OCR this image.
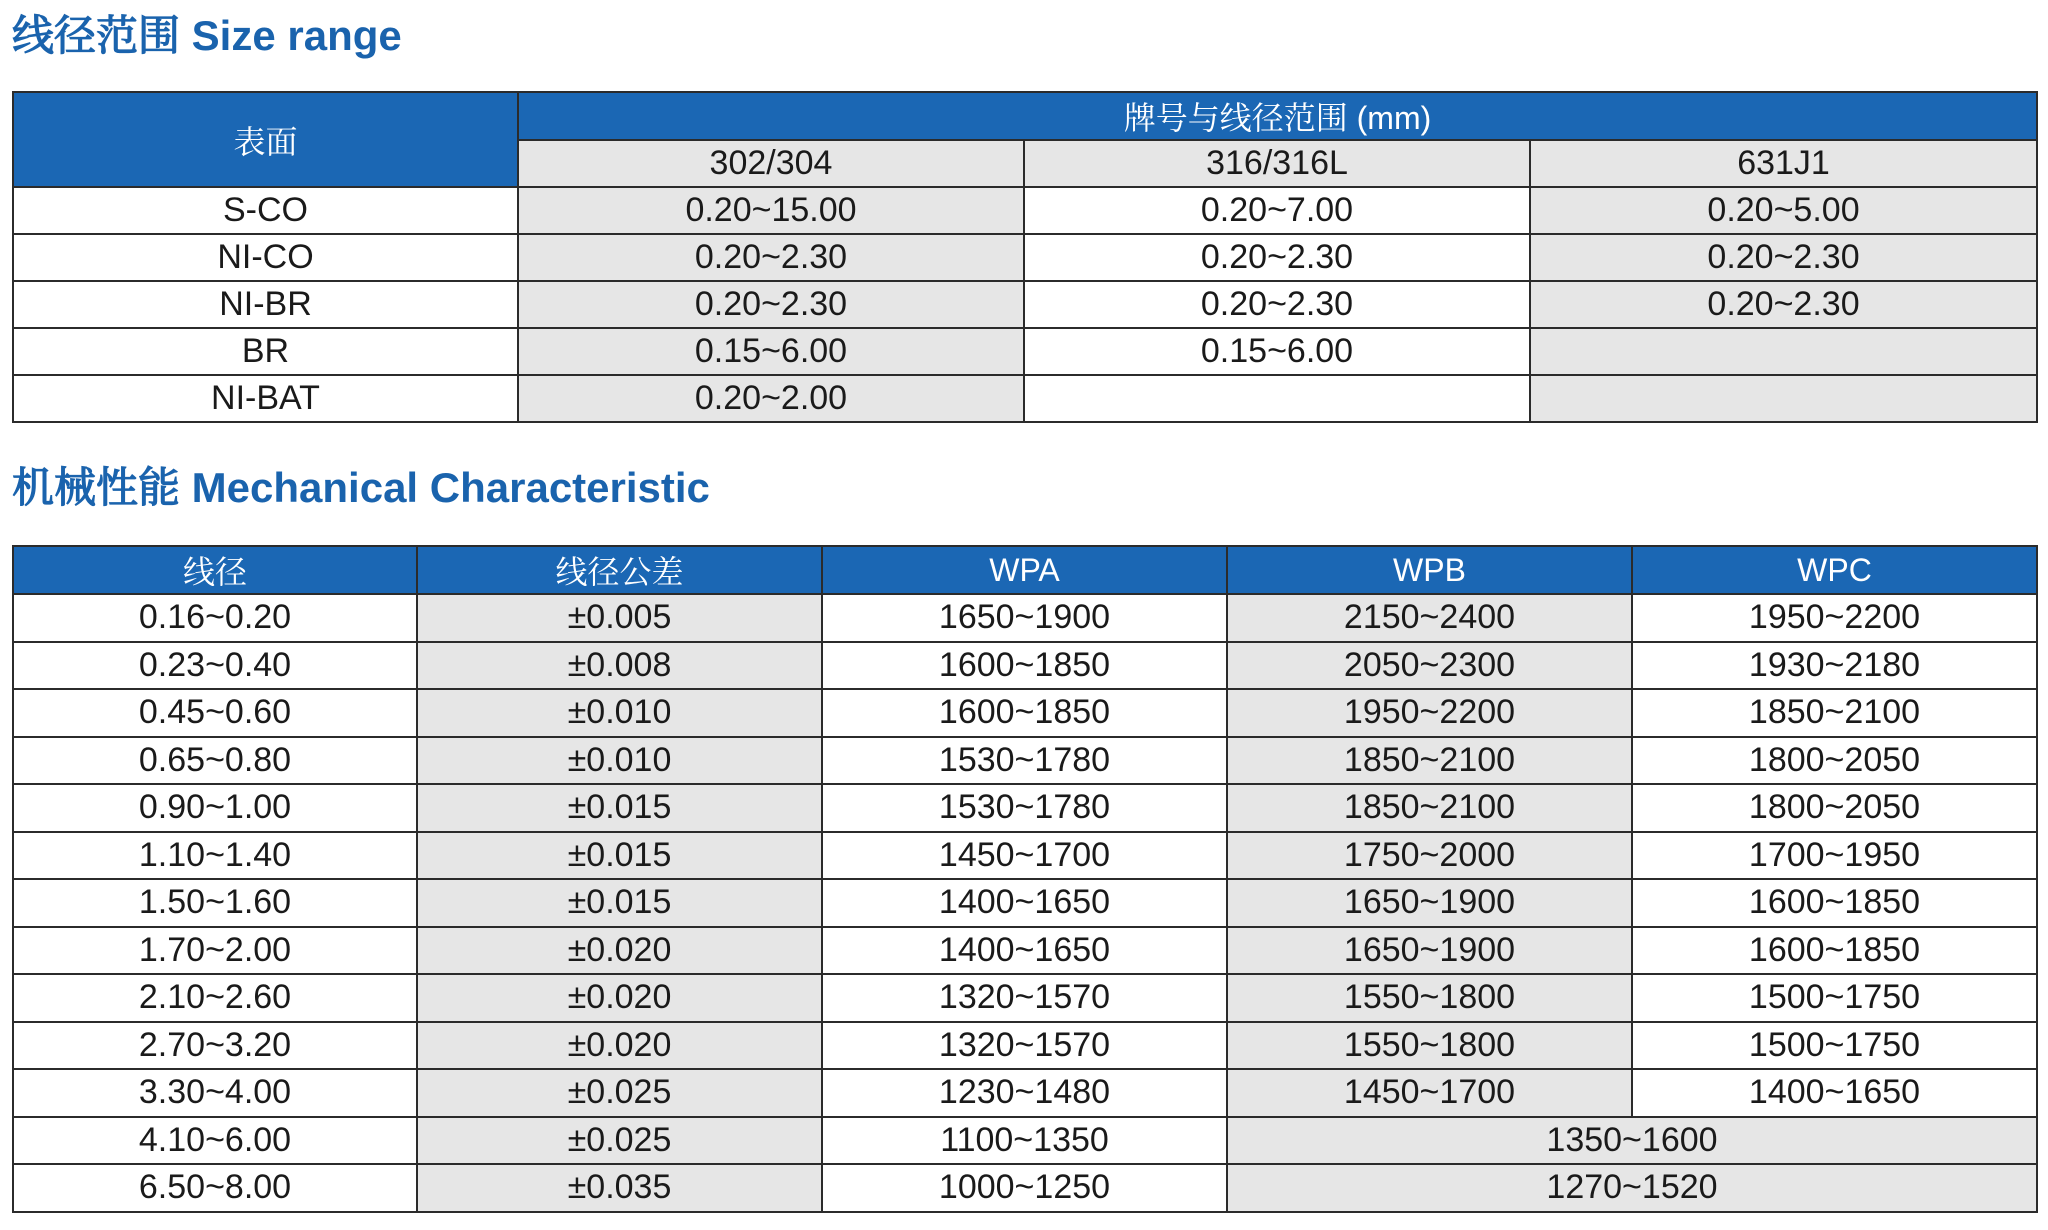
线径范围 Size range
表面	牌号与线径范围 (mm)		
	302/304	316/316L	631J1
S-CO	0.20~15.00	0.20~7.00	0.20~5.00
NI-CO	0.20~2.30	0.20~2.30	0.20~2.30
NI-BR	0.20~2.30	0.20~2.30	0.20~2.30
BR	0.15~6.00	0.15~6.00	
NI-BAT	0.20~2.00		
机械性能 Mechanical Characteristic
线径	线径公差	WPA	WPB	WPC
0.16~0.20	±0.005	1650~1900	2150~2400	1950~2200
0.23~0.40	±0.008	1600~1850	2050~2300	1930~2180
0.45~0.60	±0.010	1600~1850	1950~2200	1850~2100
0.65~0.80	±0.010	1530~1780	1850~2100	1800~2050
0.90~1.00	±0.015	1530~1780	1850~2100	1800~2050
1.10~1.40	±0.015	1450~1700	1750~2000	1700~1950
1.50~1.60	±0.015	1400~1650	1650~1900	1600~1850
1.70~2.00	±0.020	1400~1650	1650~1900	1600~1850
2.10~2.60	±0.020	1320~1570	1550~1800	1500~1750
2.70~3.20	±0.020	1320~1570	1550~1800	1500~1750
3.30~4.00	±0.025	1230~1480	1450~1700	1400~1650
4.10~6.00	±0.025	1100~1350	1350~1600	
6.50~8.00	±0.035	1000~1250	1270~1520	
